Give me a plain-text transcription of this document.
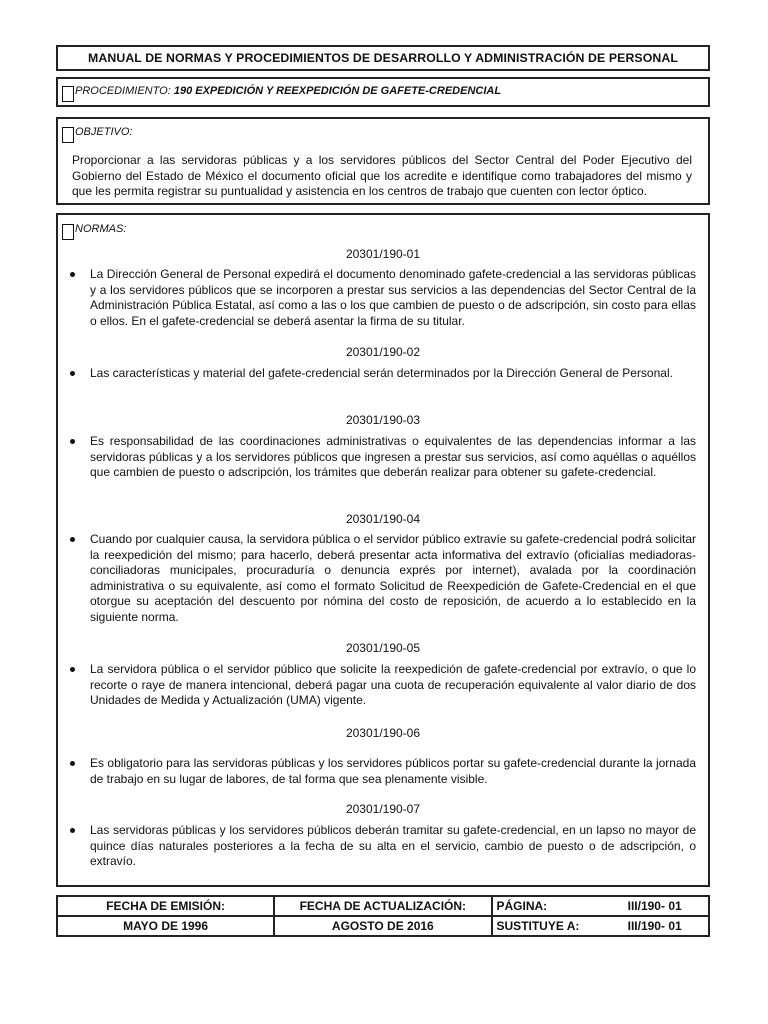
MANUAL DE NORMAS Y PROCEDIMIENTOS DE DESARROLLO Y ADMINISTRACIÓN DE PERSONAL
PROCEDIMIENTO: 190 EXPEDICIÓN Y REEXPEDICIÓN DE GAFETE-CREDENCIAL
OBJETIVO:
Proporcionar a las servidoras públicas y a los servidores públicos del Sector Central del Poder Ejecutivo del Gobierno del Estado de México el documento oficial que los acredite e identifique como trabajadores del mismo y que les permita registrar su puntualidad y asistencia en los centros de trabajo que cuenten con lector óptico.
NORMAS:
20301/190-01
La Dirección General de Personal expedirá el documento denominado gafete-credencial a las servidoras públicas y a los servidores públicos que se incorporen a prestar sus servicios a las dependencias del Sector Central de la Administración Pública Estatal, así como a las o los que cambien de puesto o de adscripción, sin costo para ellas o ellos. En el gafete-credencial se deberá asentar la firma de su titular.
20301/190-02
Las características y material del gafete-credencial serán determinados por la Dirección General de Personal.
20301/190-03
Es responsabilidad de las coordinaciones administrativas o equivalentes de las dependencias informar a las servidoras públicas y a los servidores públicos que ingresen a prestar sus servicios, así como aquéllas o aquéllos que cambien de puesto o adscripción, los trámites que deberán realizar para obtener su gafete-credencial.
20301/190-04
Cuando por cualquier causa, la servidora pública o el servidor público extravíe su gafete-credencial podrá solicitar la reexpedición del mismo; para hacerlo, deberá presentar acta informativa del extravío (oficialías mediadoras-conciliadoras municipales, procuraduría o denuncia exprés por internet), avalada por la coordinación administrativa o su equivalente, así como el formato Solicitud de Reexpedición de Gafete-Credencial en el que otorgue su aceptación del descuento por nómina del costo de reposición, de acuerdo a lo establecido en la siguiente norma.
20301/190-05
La servidora pública o el servidor público que solicite la reexpedición de gafete-credencial por extravío, o que lo recorte o raye de manera intencional, deberá pagar una cuota de recuperación equivalente al valor diario de dos Unidades de Medida y Actualización (UMA) vigente.
20301/190-06
Es obligatorio para las servidoras públicas y los servidores públicos portar su gafete-credencial durante la jornada de trabajo en su lugar de labores, de tal forma que sea plenamente visible.
20301/190-07
Las servidoras públicas y los servidores públicos deberán tramitar su gafete-credencial, en un lapso no mayor de quince días naturales posteriores a la fecha de su alta en el servicio, cambio de puesto o de adscripción, o extravío.
FECHA DE EMISIÓN:	FECHA DE ACTUALIZACIÓN:	PÁGINA:	III/190- 01
MAYO DE 1996	AGOSTO DE 2016	SUSTITUYE A:	III/190- 01
